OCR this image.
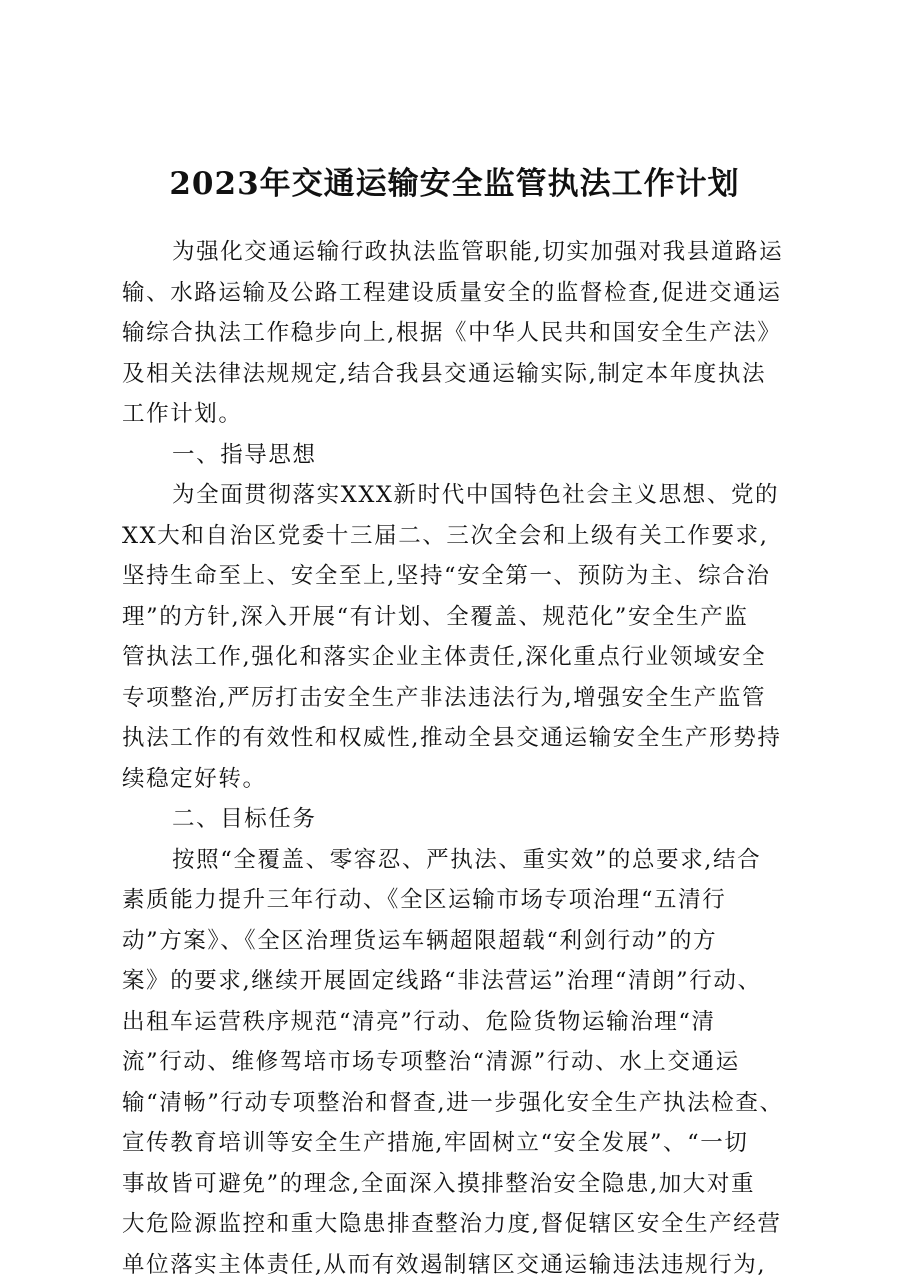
2023年交通运输安全监管执法工作计划

为强化交通运输行政执法监管职能,切实加强对我县道路运
输、水路运输及公路工程建设质量安全的监督检查,促进交通运
输综合执法工作稳步向上,根据《中华人民共和国安全生产法》
及相关法律法规规定,结合我县交通运输实际,制定本年度执法
工作计划。

一、指导思想

为全面贯彻落实XXX新时代中国特色社会主义思想、党的
XX大和自治区党委十三届二、三次全会和上级有关工作要求,
坚持生命至上、安全至上,坚持“安全第一、预防为主、综合治
理”的方针,深入开展“有计划、全覆盖、规范化”安全生产监
管执法工作,强化和落实企业主体责任,深化重点行业领域安全
专项整治,严厉打击安全生产非法违法行为,增强安全生产监管
执法工作的有效性和权威性,推动全县交通运输安全生产形势持
续稳定好转。

二、目标任务

按照“全覆盖、零容忍、严执法、重实效”的总要求,结合
素质能力提升三年行动、《全区运输市场专项治理“五清行
动”方案》、《全区治理货运车辆超限超载“利剑行动”的方
案》的要求,继续开展固定线路“非法营运”治理“清朗”行动、
出租车运营秩序规范“清亮”行动、危险货物运输治理“清
流”行动、维修驾培市场专项整治“清源”行动、水上交通运
输“清畅”行动专项整治和督查,进一步强化安全生产执法检查、
宣传教育培训等安全生产措施,牢固树立“安全发展”、“一切
事故皆可避免”的理念,全面深入摸排整治安全隐患,加大对重
大危险源监控和重大隐患排查整治力度,督促辖区安全生产经营
单位落实主体责任,从而有效遏制辖区交通运输违法违规行为,
